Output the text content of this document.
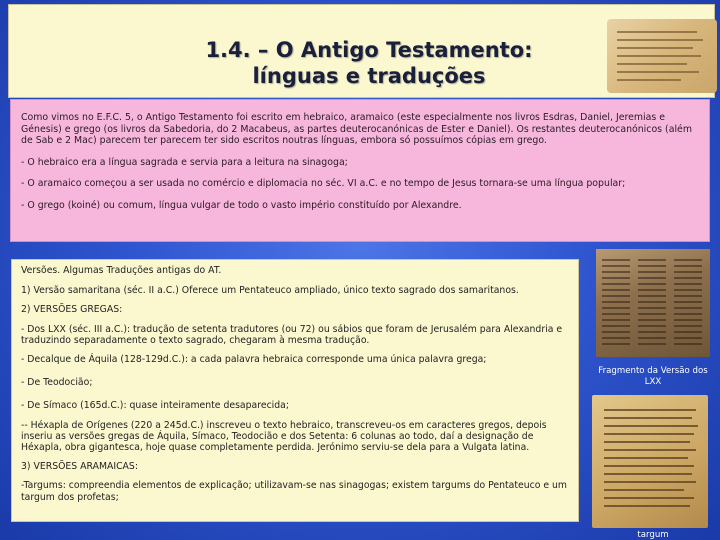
1.4. – O Antigo Testamento:
línguas e traduções

Como vimos no E.F.C. 5, o Antigo Testamento foi escrito em hebraico, aramaico (este especialmente nos livros Esdras, Daniel, Jeremias e Génesis) e grego (os livros da Sabedoria, do 2 Macabeus, as partes deuterocanónicas de Ester e Daniel). Os restantes deuterocanónicos (além de Sab e 2 Mac) parecem ter parecem ter sido escritos noutras línguas, embora só possuímos cópias em grego.

- O hebraico era a língua sagrada e servia para a leitura na sinagoga;

- O aramaico começou a ser usada no comércio e diplomacia no séc. VI a.C. e no tempo de Jesus tornara-se uma língua popular;

- O grego (koiné) ou comum, língua vulgar de todo o vasto império constituído por Alexandre.

Versões. Algumas Traduções antigas do AT.

1) Versão samaritana (séc. II a.C.) Oferece um Pentateuco ampliado, único texto sagrado dos samaritanos.

2) VERSÕES GREGAS:

- Dos LXX (séc. III a.C.): tradução de setenta tradutores (ou 72) ou sábios que foram de Jerusalém para Alexandria e traduzindo separadamente o texto sagrado, chegaram à mesma tradução.

- Decalque de Áquila (128-129d.C.): a cada palavra hebraica corresponde uma única palavra grega;

- De Teodocião;

- De Símaco (165d.C.): quase inteiramente desaparecida;

-- Héxapla de Orígenes (220 a 245d.C.) inscreveu o texto hebraico, transcreveu-os em caracteres gregos, depois inseriu as versões gregas de Áquila, Símaco, Teodocião e dos Setenta: 6 colunas ao todo, daí a designação de Héxapla, obra gigantesca, hoje quase completamente perdida. Jerónimo serviu-se dela para a Vulgata latina.

3) VERSÕES ARAMAICAS:

-Targums: compreendia elementos de explicação; utilizavam-se nas sinagogas; existem targums do Pentateuco e um targum dos profetas;

Fragmento da Versão dos LXX
targum
